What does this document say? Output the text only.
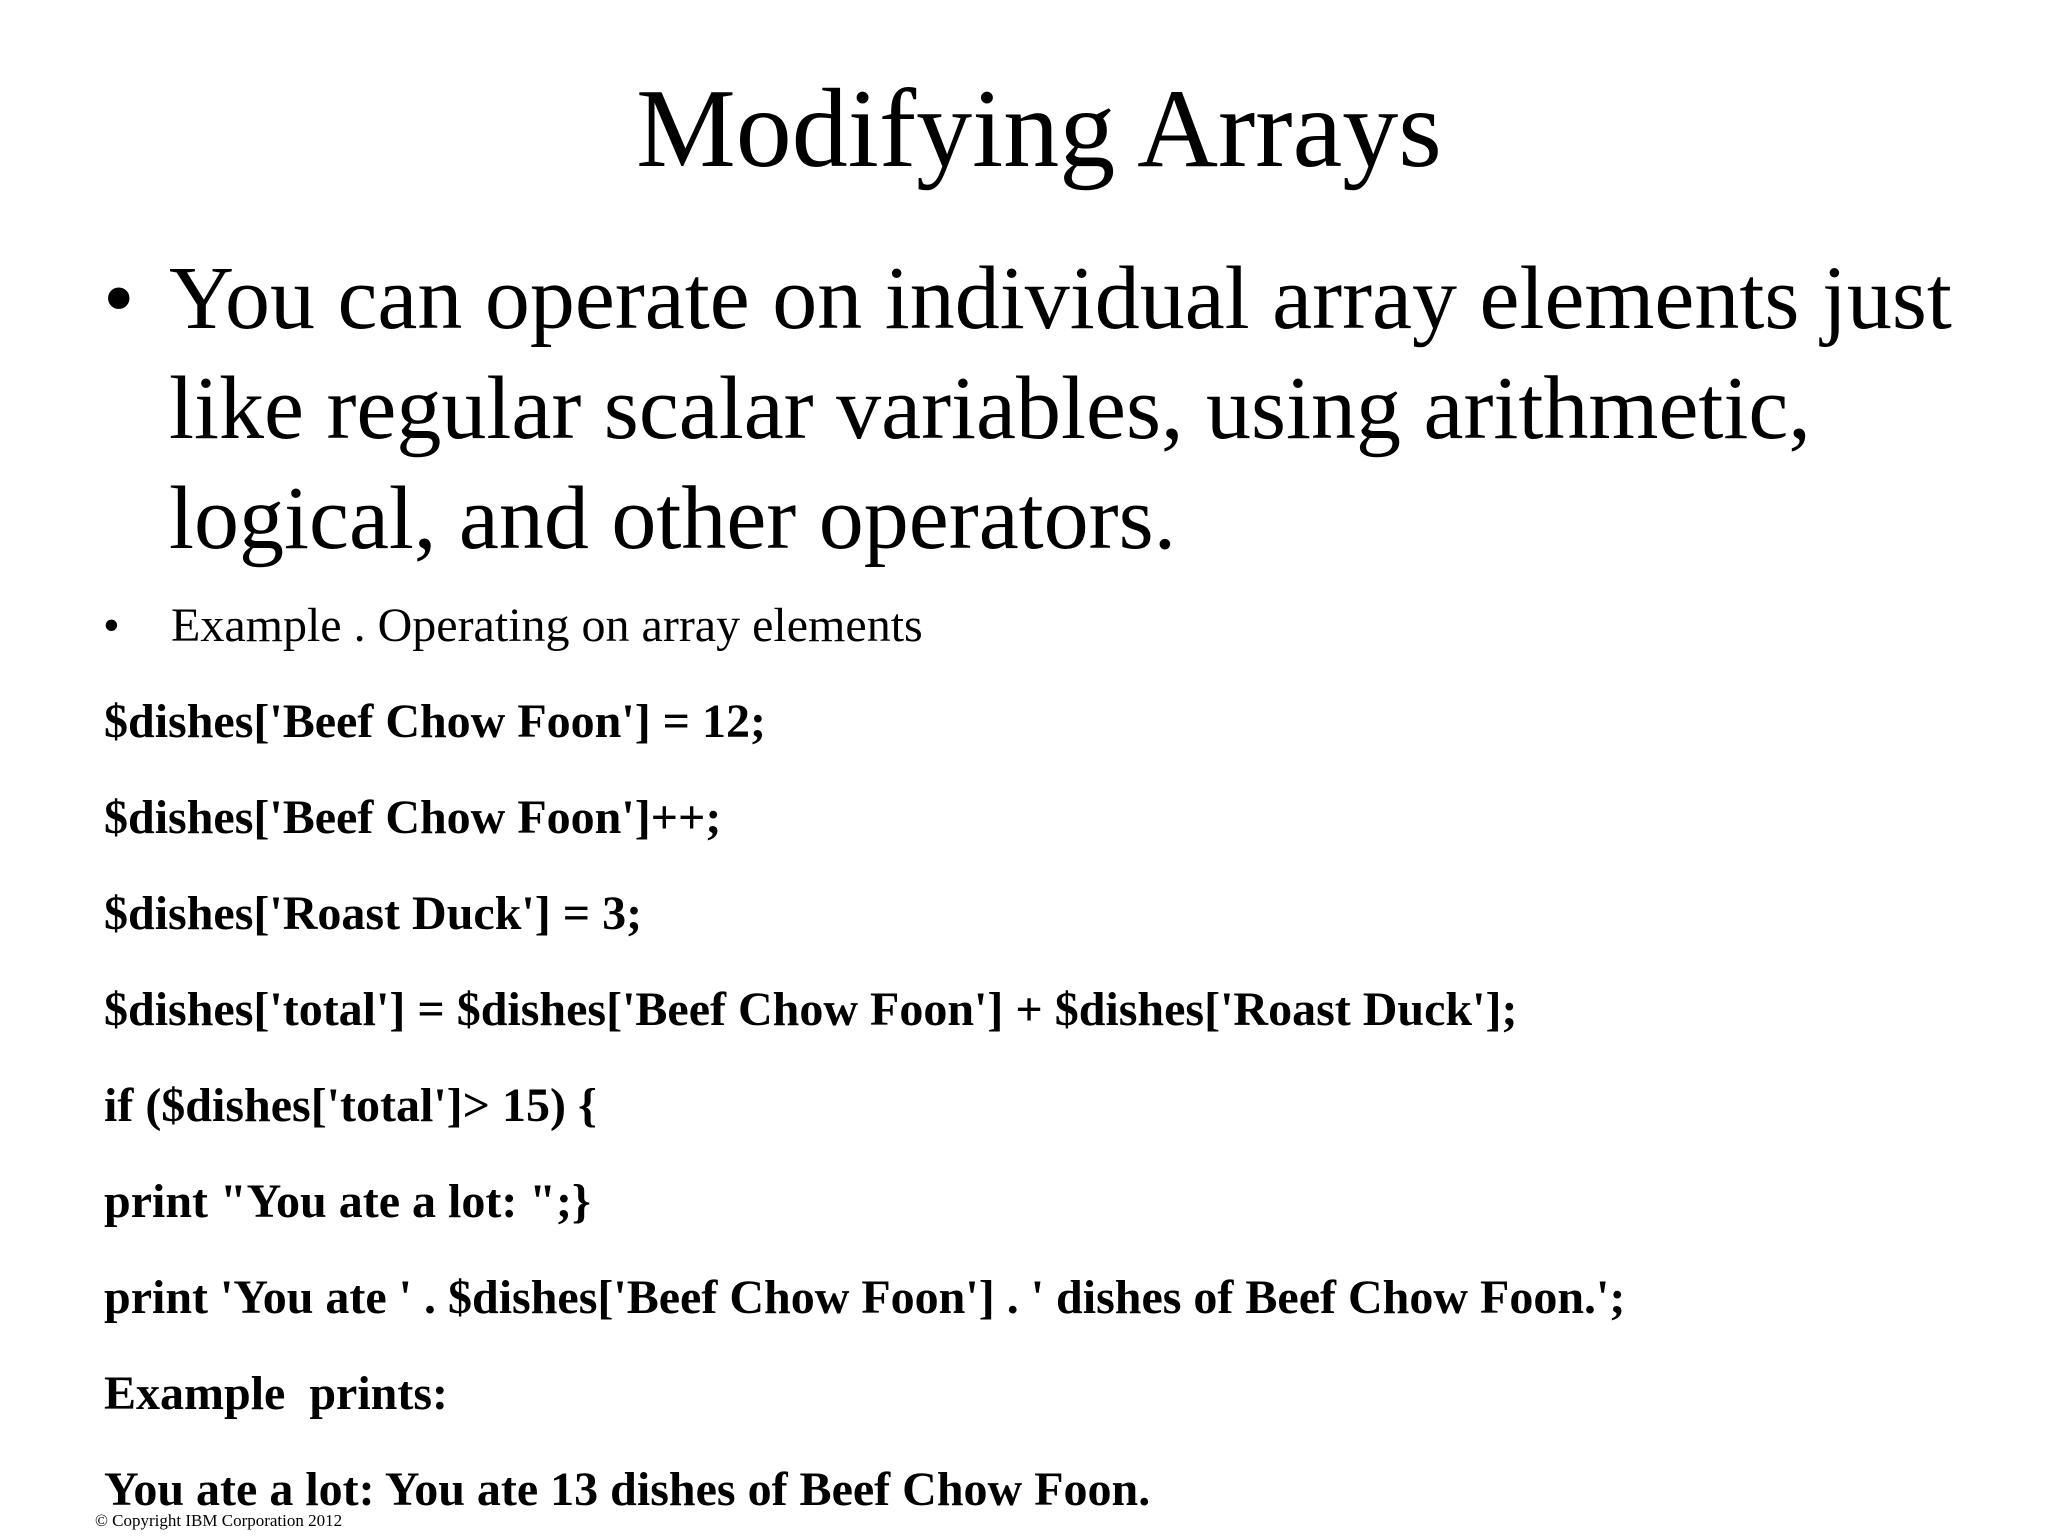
Modifying Arrays
• You can operate on individual array elements just like regular scalar variables, using arithmetic, logical, and other operators.
• Example . Operating on array elements
$dishes['Beef Chow Foon'] = 12;
$dishes['Beef Chow Foon']++;
$dishes['Roast Duck'] = 3;
$dishes['total'] = $dishes['Beef Chow Foon'] + $dishes['Roast Duck'];
if ($dishes['total']> 15) {
print "You ate a lot: ";}
print 'You ate ' . $dishes['Beef Chow Foon'] . ' dishes of Beef Chow Foon.';
Example  prints:
You ate a lot: You ate 13 dishes of Beef Chow Foon.
© Copyright IBM Corporation 2012
